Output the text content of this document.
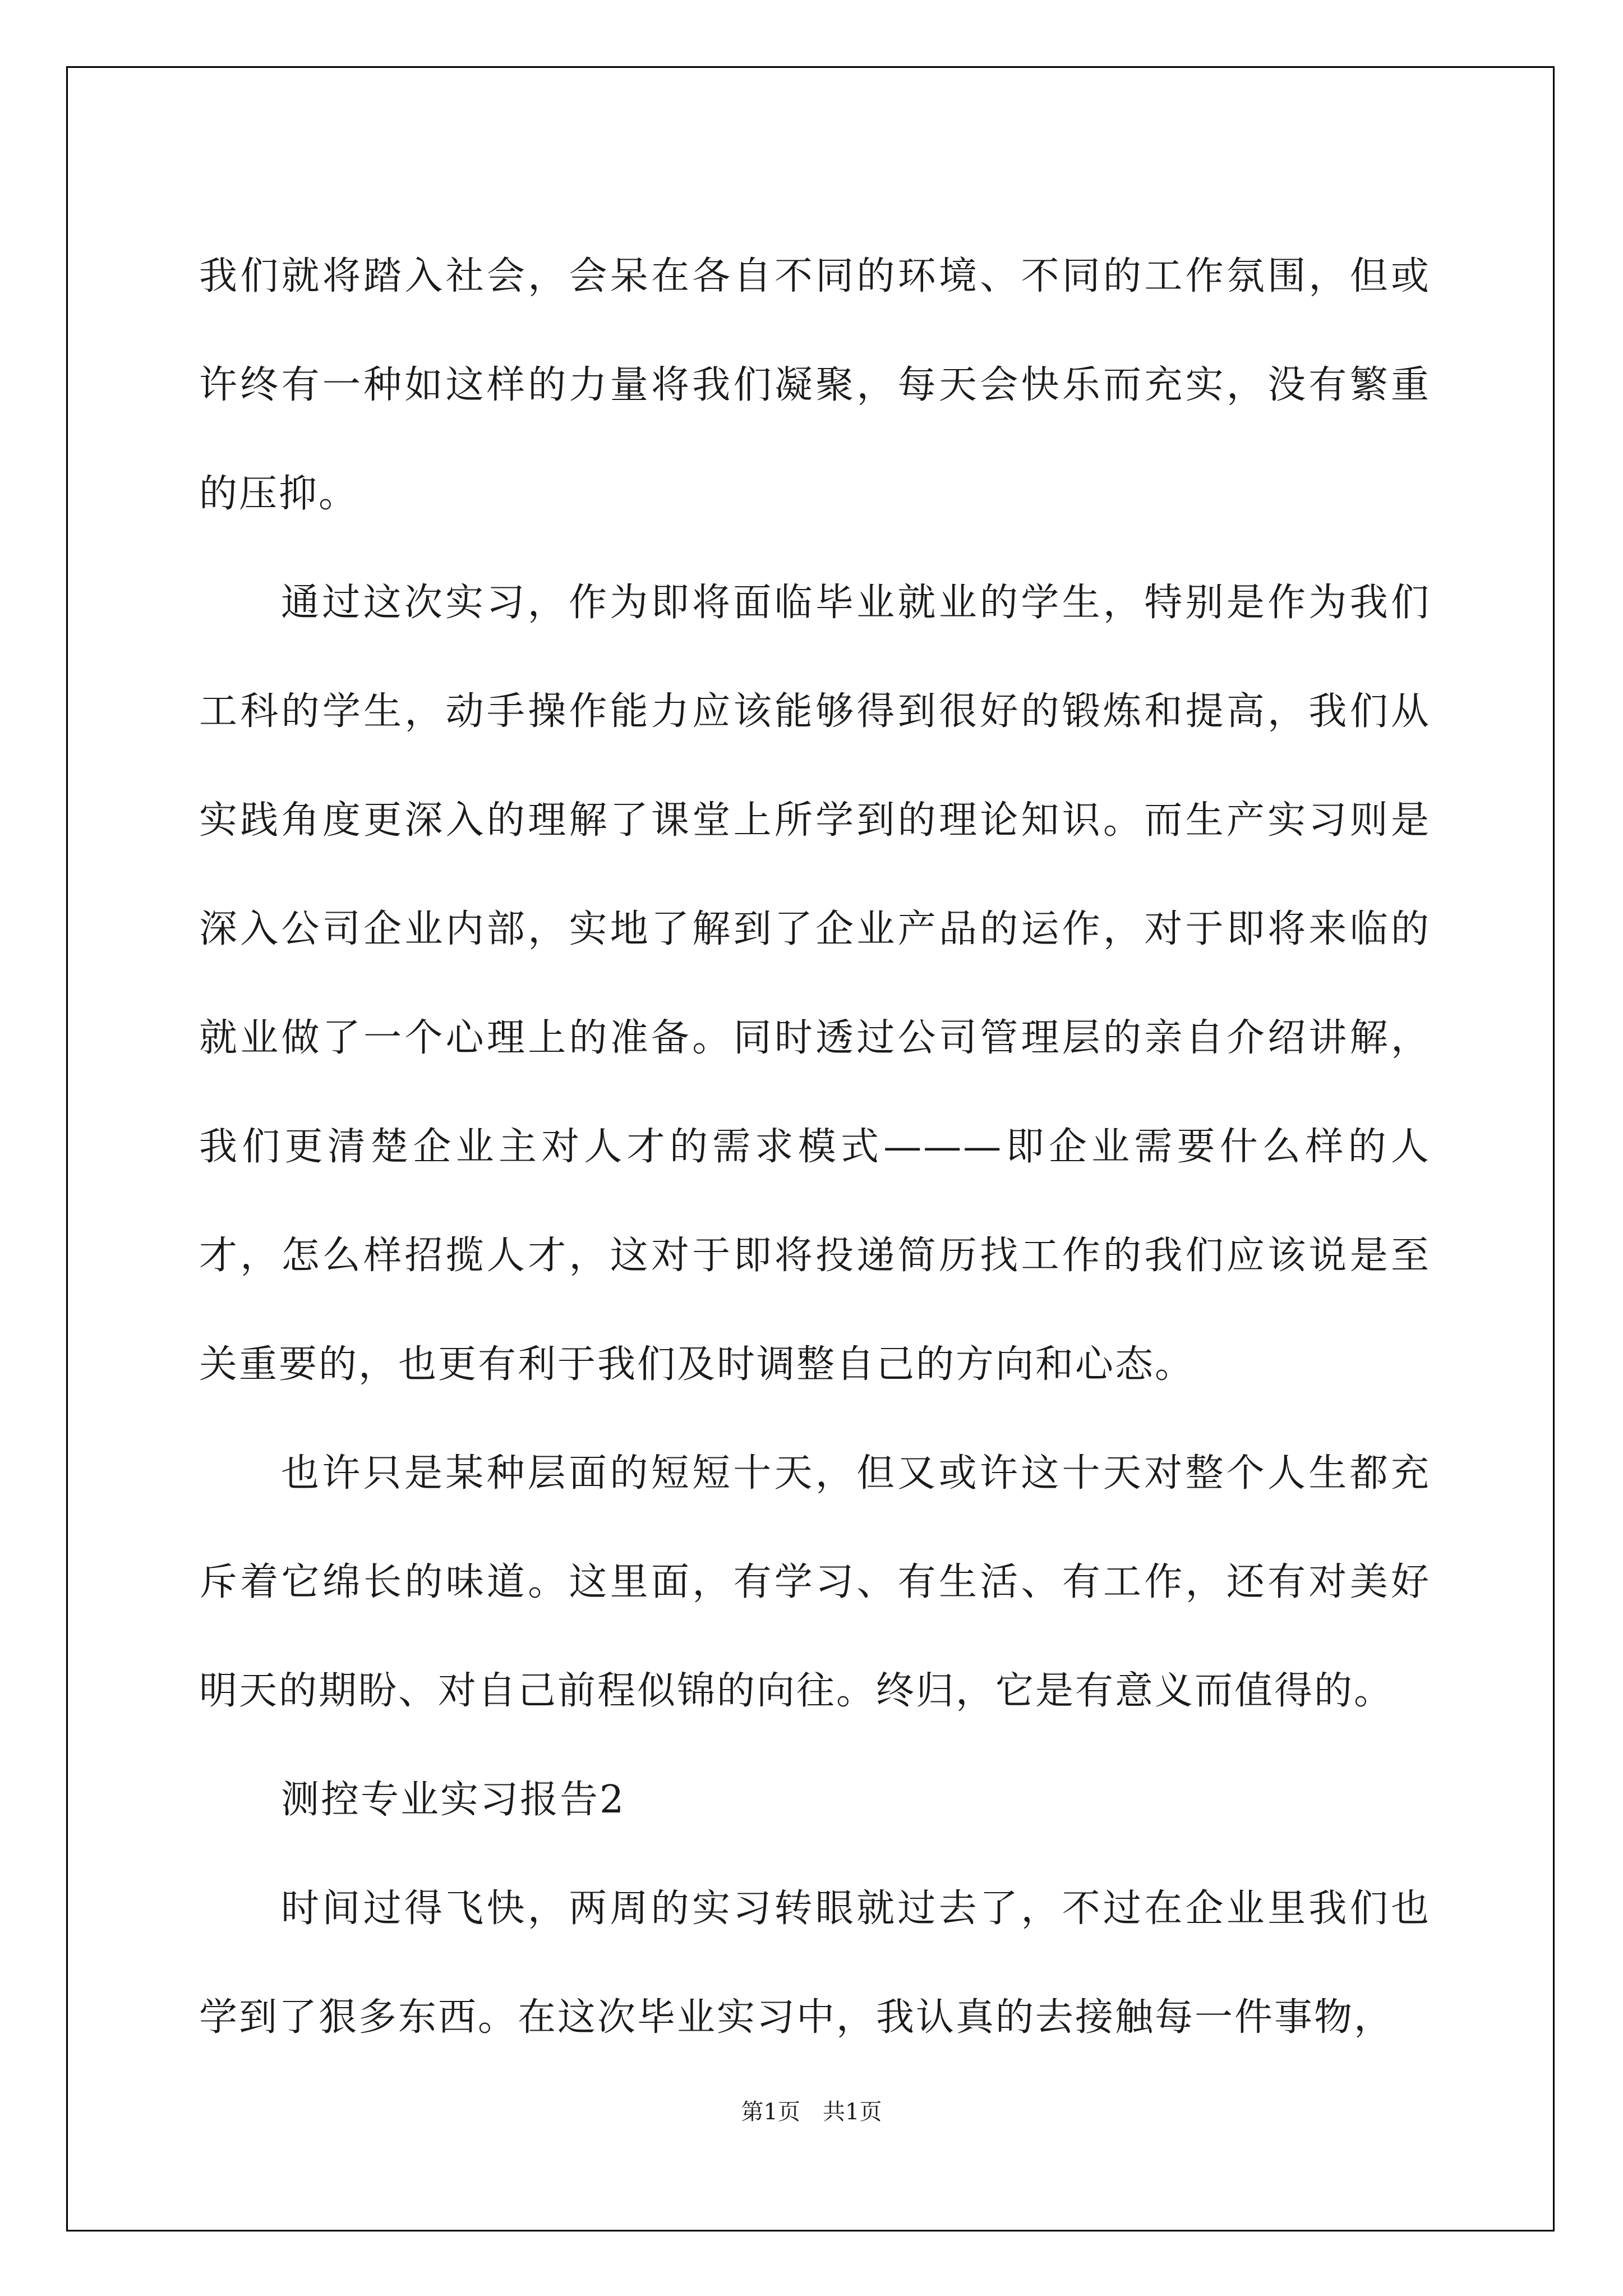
我们就将踏入社会，会呆在各自不同的环境、不同的工作氛围，但或许终有一种如这样的力量将我们凝聚，每天会快乐而充实，没有繁重的压抑。

通过这次实习，作为即将面临毕业就业的学生，特别是作为我们工科的学生，动手操作能力应该能够得到很好的锻炼和提高，我们从实践角度更深入的理解了课堂上所学到的理论知识。而生产实习则是深入公司企业内部，实地了解到了企业产品的运作，对于即将来临的就业做了一个心理上的准备。同时透过公司管理层的亲自介绍讲解，我们更清楚企业主对人才的需求模式———即企业需要什么样的人才，怎么样招揽人才，这对于即将投递简历找工作的我们应该说是至关重要的，也更有利于我们及时调整自己的方向和心态。

也许只是某种层面的短短十天，但又或许这十天对整个人生都充斥着它绵长的味道。这里面，有学习、有生活、有工作，还有对美好明天的期盼、对自己前程似锦的向往。终归，它是有意义而值得的。

测控专业实习报告2

时间过得飞快，两周的实习转眼就过去了，不过在企业里我们也学到了狠多东西。在这次毕业实习中，我认真的去接触每一件事物，

第1页 共1页
